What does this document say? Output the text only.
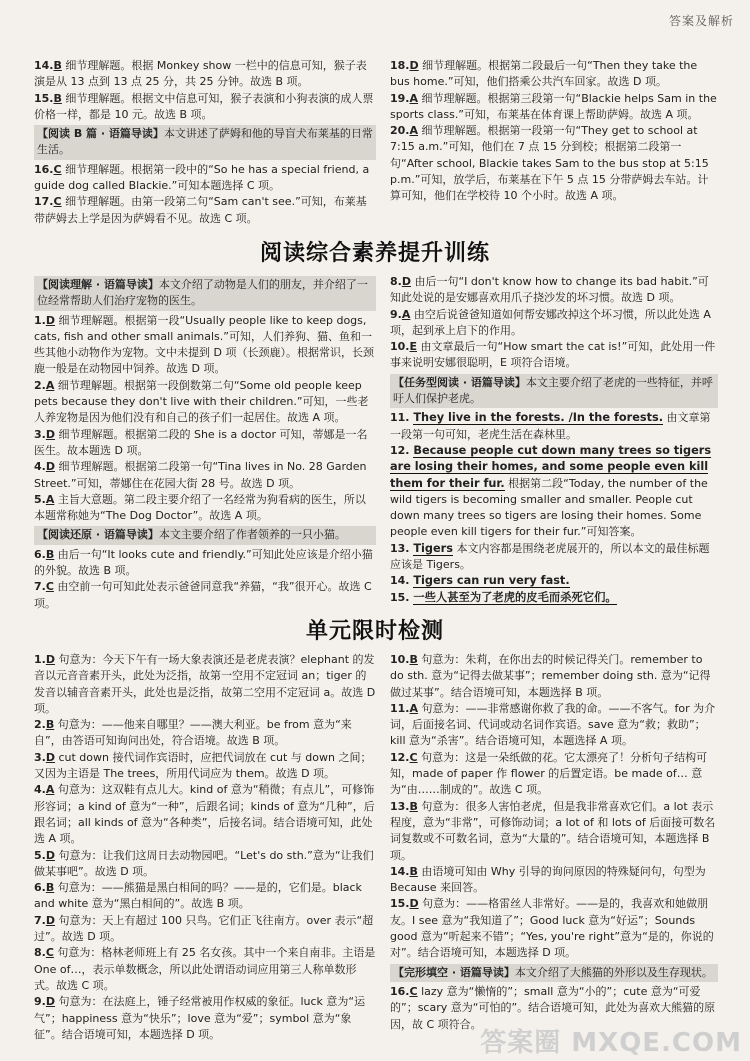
答案及解析

14.B 细节理解题。根据 Monkey show 一栏中的信息可知，猴子表演是从 13 点到 13 点 25 分，共 25 分钟。故选 B 项。

15.B 细节理解题。根据文中信息可知，猴子表演和小狗表演的成人票价格一样，都是 10 元。故选 B 项。

【阅读 B 篇 · 语篇导读】本文讲述了萨姆和他的导盲犬布莱基的日常生活。

16.C 细节理解题。根据第一段中的“So he has a special friend, a guide dog called Blackie.”可知本题选择 C 项。

17.C 细节理解题。由第一段第二句“Sam can't see.”可知，布莱基带萨姆去上学是因为萨姆看不见。故选 C 项。

18.D 细节理解题。根据第二段最后一句“Then they take the bus home.”可知，他们搭乘公共汽车回家。故选 D 项。

19.A 细节理解题。根据第三段第一句“Blackie helps Sam in the sports class.”可知，布莱基在体育课上帮助萨姆。故选 A 项。

20.A 细节理解题。根据第一段第一句“They get to school at 7:15 a.m.”可知，他们在 7 点 15 分到校；根据第二段第一句“After school, Blackie takes Sam to the bus stop at 5:15 p.m.”可知，放学后，布莱基在下午 5 点 15 分带萨姆去车站。计算可知，他们在学校待 10 个小时。故选 A 项。

阅读综合素养提升训练
【阅读理解 · 语篇导读】本文介绍了动物是人们的朋友，并介绍了一位经常帮助人们治疗宠物的医生。

1.D 细节理解题。根据第一段“Usually people like to keep dogs, cats, fish and other small animals.”可知，人们养狗、猫、鱼和一些其他小动物作为宠物。文中未提到 D 项（长颈鹿）。根据常识，长颈鹿一般是在动物园中饲养。故选 D 项。

2.A 细节理解题。根据第一段倒数第二句“Some old people keep pets because they don't live with their children.”可知，一些老人养宠物是因为他们没有和自己的孩子们一起居住。故选 A 项。

3.D 细节理解题。根据第二段的 She is a doctor 可知，蒂娜是一名医生。故本题选 D 项。

4.D 细节理解题。根据第二段第一句“Tina lives in No. 28 Garden Street.”可知，蒂娜住在花园大街 28 号。故选 D 项。

5.A 主旨大意题。第二段主要介绍了一名经常为狗看病的医生，所以本题常称她为“The Dog Doctor”。故选 A 项。

【阅读还原 · 语篇导读】本文主要介绍了作者领养的一只小猫。

6.B 由后一句“It looks cute and friendly.”可知此处应该是介绍小猫的外貌。故选 B 项。

7.C 由空前一句可知此处表示爸爸同意我“养猫，“我”很开心。故选 C 项。

8.D 由后一句“I don't know how to change its bad habit.”可知此处说的是安娜喜欢用爪子挠沙发的坏习惯。故选 D 项。

9.A 由空后说爸爸知道如何帮安娜改掉这个坏习惯，所以此处选 A 项，起到承上启下的作用。

10.E 由文章最后一句“How smart the cat is!”可知，此处用一件事来说明安娜很聪明，E 项符合语境。

【任务型阅读 · 语篇导读】本文主要介绍了老虎的一些特征，并呼吁人们保护老虎。

11. They live in the forests. /In the forests. 由文章第一段第一句可知，老虎生活在森林里。

12. Because people cut down many trees so tigers are losing their homes, and some people even kill them for their fur. 根据第二段“Today, the number of the wild tigers is becoming smaller and smaller. People cut down many trees so tigers are losing their homes. Some people even kill tigers for their fur.”可知答案。

13. Tigers 本文内容都是围绕老虎展开的，所以本文的最佳标题应该是 Tigers。

14. Tigers can run very fast.

15. 一些人甚至为了老虎的皮毛而杀死它们。

单元限时检测

1.D 句意为：今天下午有一场大象表演还是老虎表演？elephant 的发音以元音音素开头，此处为泛指，故第一空用不定冠词 an；tiger 的发音以辅音音素开头，此处也是泛指，故第二空用不定冠词 a。故选 D 项。

2.B 句意为：——他来自哪里？——澳大利亚。be from 意为“来自”，由答语可知询问出处，符合语境。故选 B 项。

3.D cut down 接代词作宾语时，应把代词放在 cut 与 down 之间；又因为主语是 The trees，所用代词应为 them。故选 D 项。

4.A 句意为：这双鞋有点儿大。kind of 意为“稍微；有点儿”，可修饰形容词；a kind of 意为“一种”，后跟名词；kinds of 意为“几种”，后跟名词；all kinds of 意为“各种类”，后接名词。结合语境可知，此处选 A 项。

5.D 句意为：让我们这周日去动物园吧。“Let's do sth.”意为“让我们做某事吧”。故选 D 项。

6.B 句意为：——熊猫是黑白相间的吗？——是的，它们是。black and white 意为“黑白相间的”。故选 B 项。

7.D 句意为：天上有超过 100 只鸟。它们正飞往南方。over 表示“超过”。故选 D 项。

8.C 句意为：格林老师班上有 25 名女孩。其中一个来自南非。主语是 One of…，表示单数概念，所以此处谓语动词应用第三人称单数形式。故选 C 项。

9.D 句意为：在法庭上，锤子经常被用作权威的象征。luck 意为“运气”；happiness 意为“快乐”；love 意为“爱”；symbol 意为“象征”。结合语境可知，本题选择 D 项。

10.B 句意为：朱莉，在你出去的时候记得关门。remember to do sth. 意为“记得去做某事”；remember doing sth. 意为“记得做过某事”。结合语境可知，本题选择 B 项。

11.A 句意为：——非常感谢你救了我的命。——不客气。for 为介词，后面接名词、代词或动名词作宾语。save 意为“救；救助”；kill 意为“杀害”。结合语境可知，本题选择 A 项。

12.C 句意为：这是一朵纸做的花。它太漂亮了！分析句子结构可知，made of paper 作 flower 的后置定语。be made of… 意为“由……制成的”。故选 C 项。

13.B 句意为：很多人害怕老虎，但是我非常喜欢它们。a lot 表示程度，意为“非常”，可修饰动词；a lot of 和 lots of 后面接可数名词复数或不可数名词，意为“大量的”。结合语境可知，本题选择 B 项。

14.B 由语境可知由 Why 引导的询问原因的特殊疑问句，句型为 Because 来回答。

15.D 句意为：——格雷丝人非常好。——是的，我喜欢和她做朋友。I see 意为“我知道了”；Good luck 意为“好运”；Sounds good 意为“听起来不错”；“Yes, you're right”意为“是的，你说的对”。结合语境可知，本题选择 D 项。

【完形填空 · 语篇导读】本文介绍了大熊猫的外形以及生存现状。

16.C lazy 意为“懒惰的”；small 意为“小的”；cute 意为“可爱的”；scary 意为“可怕的”。结合语境可知，此处为喜欢大熊猫的原因，故 C 项符合。

答案圈 MXQE.COM
